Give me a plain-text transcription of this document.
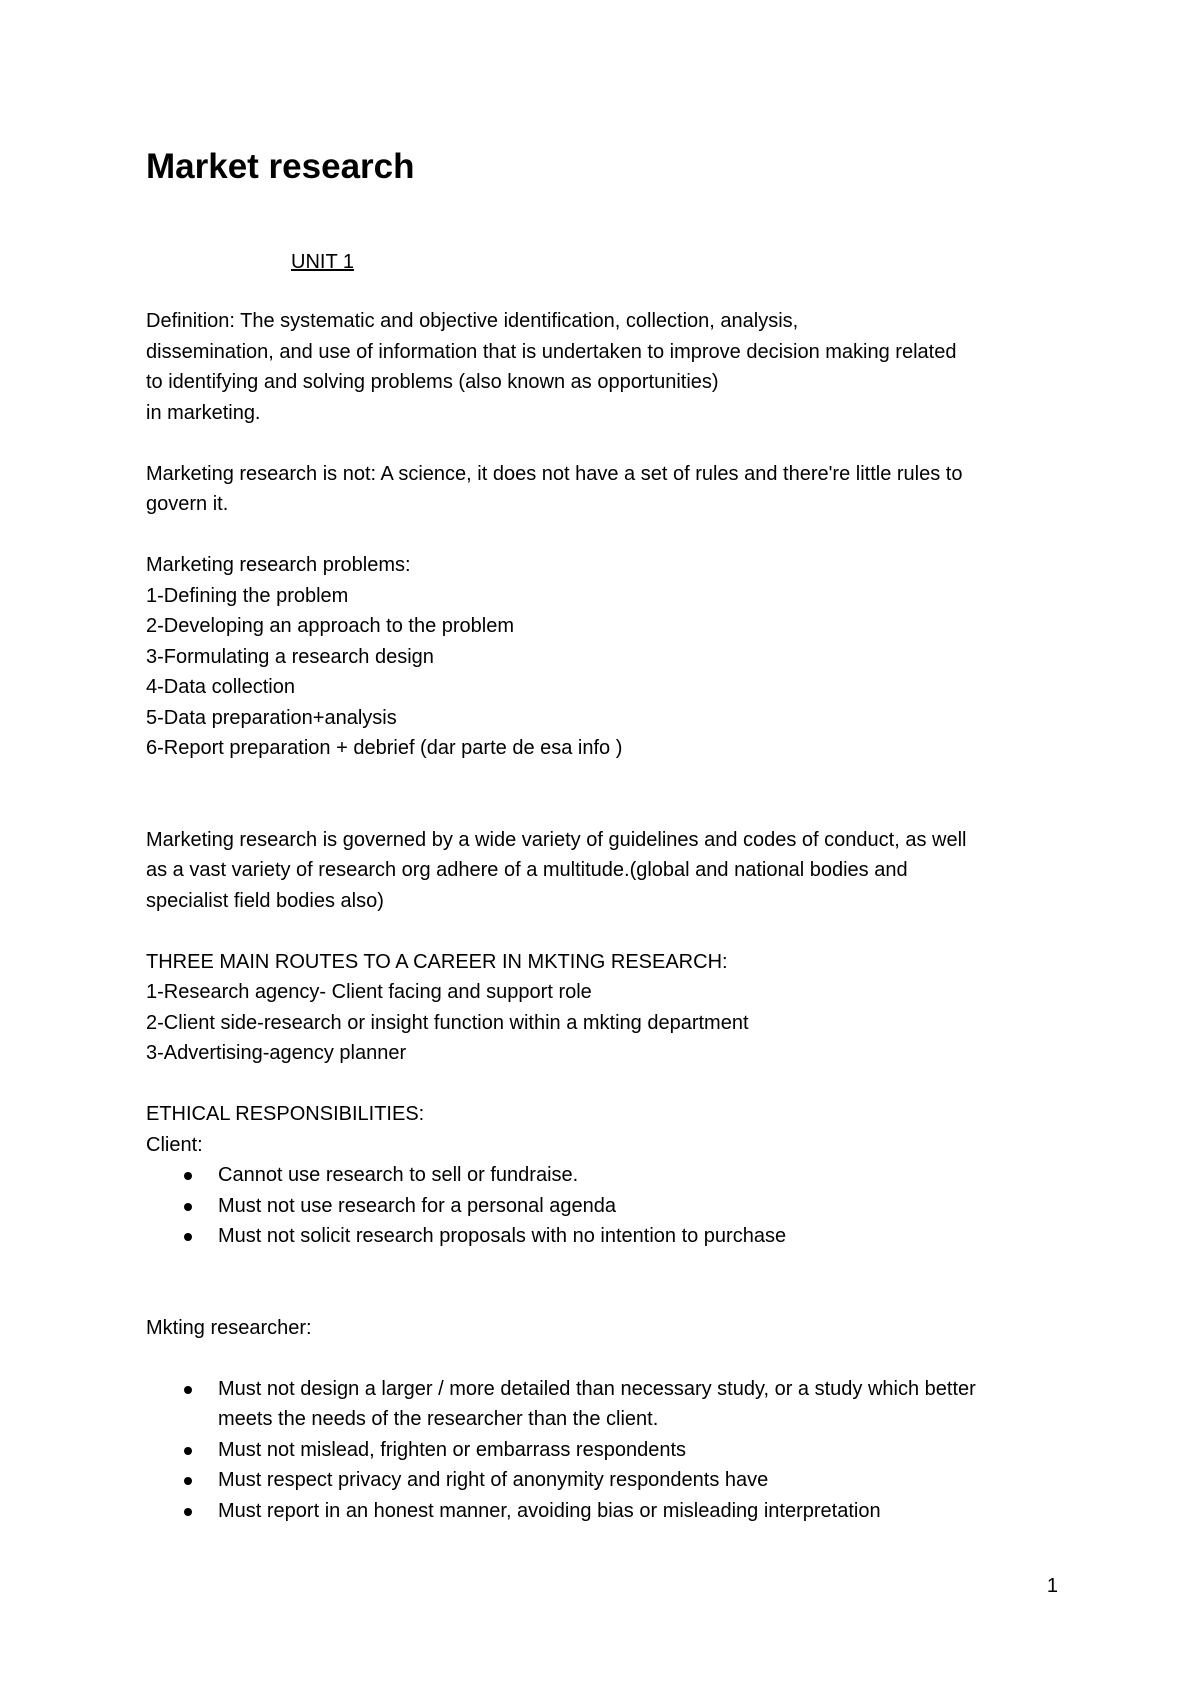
Market research
UNIT 1
Definition: The systematic and objective identification, collection, analysis,
dissemination, and use of information that is undertaken to improve decision making related
to identifying and solving problems (also known as opportunities)
in marketing.
Marketing research is not: A science, it does not have a set of rules and there're little rules to
govern it.
Marketing research problems:
1-Defining the problem
2-Developing an approach to the problem
3-Formulating a research design
4-Data collection
5-Data preparation+analysis
6-Report preparation + debrief (dar parte de esa info )
Marketing research is governed by a wide variety of guidelines and codes of conduct, as well
as a vast variety of research org adhere of a multitude.(global and national bodies and
specialist field bodies also)
THREE MAIN ROUTES TO A CAREER IN MKTING RESEARCH:
1-Research agency- Client facing and support role
2-Client side-research or insight function within a mkting department
3-Advertising-agency planner
ETHICAL RESPONSIBILITIES:
Client:
Cannot use research to sell or fundraise.
Must not use research for a personal agenda
Must not solicit research proposals with no intention to purchase
Mkting researcher:
Must not design a larger / more detailed than necessary study, or a study which better meets the needs of the researcher than the client.
Must not mislead, frighten or embarrass respondents
Must respect privacy and right of anonymity respondents have
Must report in an honest manner, avoiding bias or misleading interpretation
1
